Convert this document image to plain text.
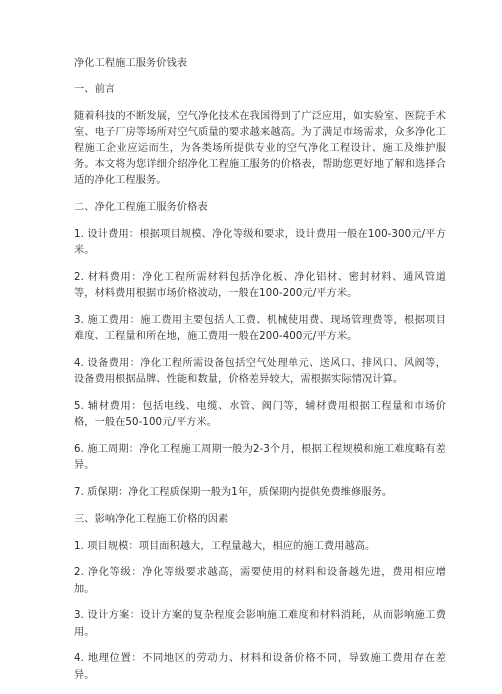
净化工程施工服务价钱表

一、前言

随着科技的不断发展，空气净化技术在我国得到了广泛应用，如实验室、医院手术室、电子厂房等场所对空气质量的要求越来越高。为了满足市场需求，众多净化工程施工企业应运而生，为各类场所提供专业的空气净化工程设计、施工及维护服务。本文将为您详细介绍净化工程施工服务的价格表，帮助您更好地了解和选择合适的净化工程服务。

二、净化工程施工服务价格表

1. 设计费用：根据项目规模、净化等级和要求，设计费用一般在100-300元/平方米。

2. 材料费用：净化工程所需材料包括净化板、净化铝材、密封材料、通风管道等，材料费用根据市场价格波动，一般在100-200元/平方米。

3. 施工费用：施工费用主要包括人工费、机械使用费、现场管理费等，根据项目难度、工程量和所在地，施工费用一般在200-400元/平方米。

4. 设备费用：净化工程所需设备包括空气处理单元、送风口、排风口、风阀等，设备费用根据品牌、性能和数量，价格差异较大，需根据实际情况计算。

5. 辅材费用：包括电线、电缆、水管、阀门等，辅材费用根据工程量和市场价格，一般在50-100元/平方米。

6. 施工周期：净化工程施工周期一般为2-3个月，根据工程规模和施工难度略有差异。

7. 质保期：净化工程质保期一般为1年，质保期内提供免费维修服务。

三、影响净化工程施工价格的因素

1. 项目规模：项目面积越大，工程量越大，相应的施工费用越高。

2. 净化等级：净化等级要求越高，需要使用的材料和设备越先进，费用相应增加。

3. 设计方案：设计方案的复杂程度会影响施工难度和材料消耗，从而影响施工费用。

4. 地理位置：不同地区的劳动力、材料和设备价格不同，导致施工费用存在差异。
